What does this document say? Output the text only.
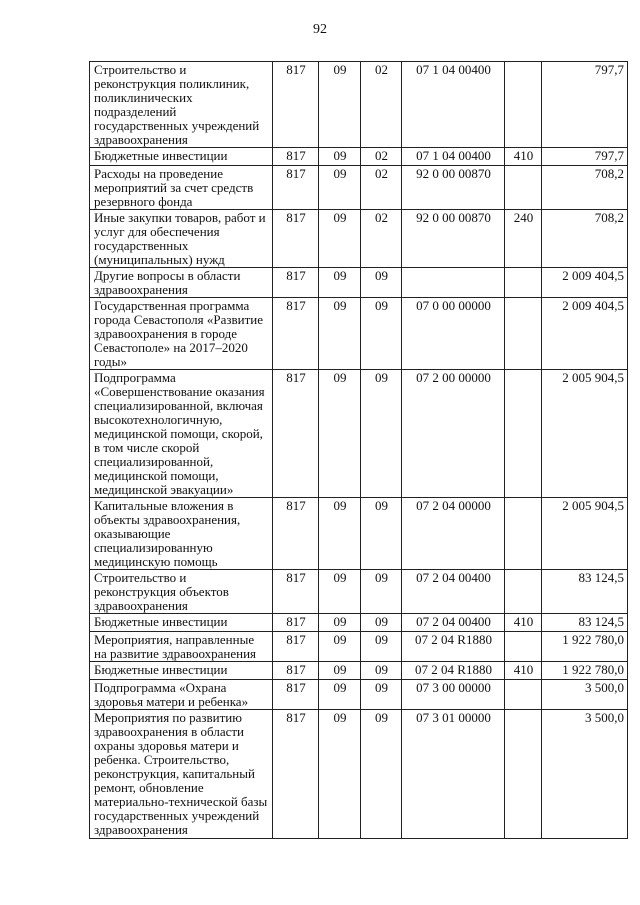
92
Строительство и реконструкция поликлиник, поликлинических подразделений государственных учреждений здравоохранения	817	09	02	07 1 04 00400		797,7
Бюджетные инвестиции	817	09	02	07 1 04 00400	410	797,7
Расходы на проведение мероприятий за счет средств резервного фонда	817	09	02	92 0 00 00870		708,2
Иные закупки товаров, работ и услуг для обеспечения государственных (муниципальных) нужд	817	09	02	92 0 00 00870	240	708,2
Другие вопросы в области здравоохранения	817	09	09			2 009 404,5
Государственная программа города Севастополя «Развитие здравоохранения в городе Севастополе» на 2017–2020 годы»	817	09	09	07 0 00 00000		2 009 404,5
Подпрограмма «Совершенствование оказания специализированной, включая высокотехнологичную, медицинской помощи, скорой, в том числе скорой специализированной, медицинской помощи, медицинской эвакуации»	817	09	09	07 2 00 00000		2 005 904,5
Капитальные вложения в объекты здравоохранения, оказывающие специализированную медицинскую помощь	817	09	09	07 2 04 00000		2 005 904,5
Строительство и реконструкция объектов здравоохранения	817	09	09	07 2 04 00400		83 124,5
Бюджетные инвестиции	817	09	09	07 2 04 00400	410	83 124,5
Мероприятия, направленные на развитие здравоохранения	817	09	09	07 2 04 R1880		1 922 780,0
Бюджетные инвестиции	817	09	09	07 2 04 R1880	410	1 922 780,0
Подпрограмма «Охрана здоровья матери и ребенка»	817	09	09	07 3 00 00000		3 500,0
Мероприятия по развитию здравоохранения в области охраны здоровья матери и ребенка. Строительство, реконструкция, капитальный ремонт, обновление материально-технической базы государственных учреждений здравоохранения	817	09	09	07 3 01 00000		3 500,0
